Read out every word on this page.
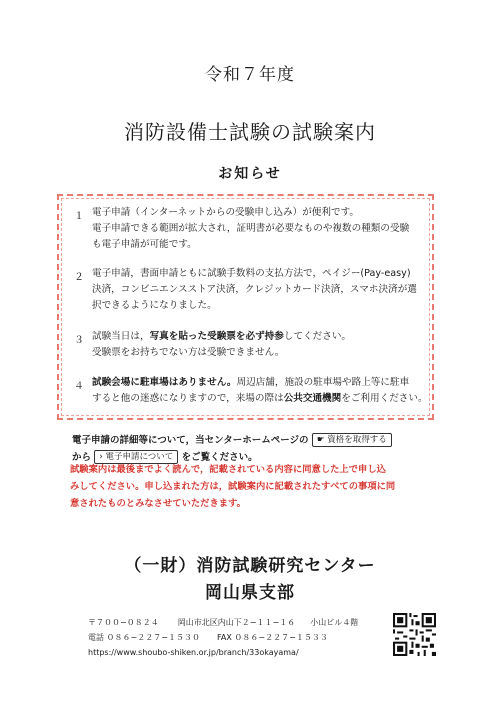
令和７年度
消防設備士試験の試験案内
お知らせ
１ 電子申請（インターネットからの受験申し込み）が便利です。
電子申請できる範囲が拡大され，証明書が必要なものや複数の種類の受験
も電子申請が可能です。
２ 電子申請，書面申請ともに試験手数料の支払方法で，ペイジー(Pay-easy)
決済，コンビニエンスストア決済，クレジットカード決済，スマホ決済が選
択できるようになりました。
３ 試験当日は，写真を貼った受験票を必ず持参してください。
受験票をお持ちでない方は受験できません。
４ 試験会場に駐車場はありません。周辺店舗，施設の駐車場や路上等に駐車
すると他の迷惑になりますので，来場の際は公共交通機関をご利用ください。
電子申請の詳細等について，当センターホームページの ☛ 資格を取得する
から › 電子申請について をご覧ください。
試験案内は最後までよく読んで，記載されている内容に同意した上で申し込
みしてください。申し込まれた方は，試験案内に記載されたすべての事項に同
意されたものとみなさせていただきます。
（一財）消防試験研究センター
岡山県支部
〒７００−０８２４ 岡山市北区内山下２−１１−１６ 小山ビル４階
電話 ０８６−２２７−１５３０ FAX ０８６−２２７−１５３３
https://www.shoubo-shiken.or.jp/branch/33okayama/
